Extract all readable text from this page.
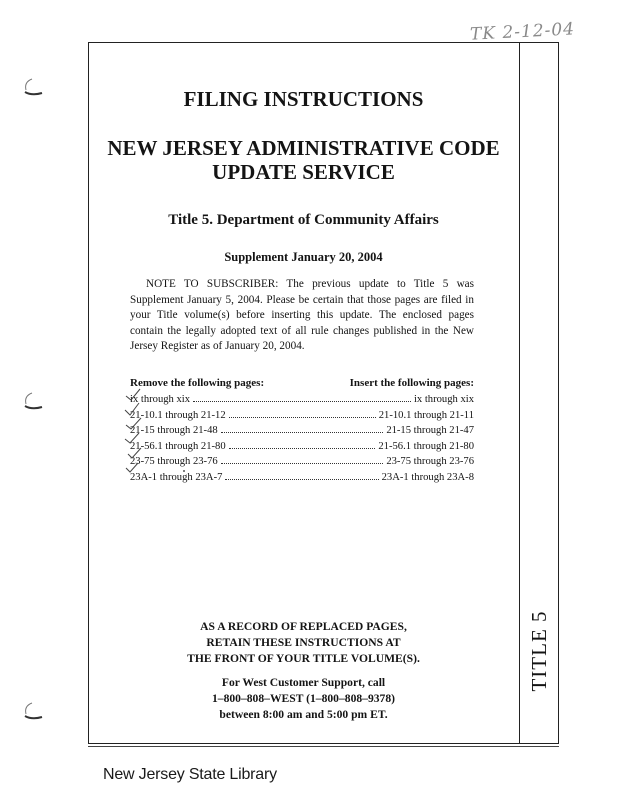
TK 2-12-04
TITLE 5
FILING INSTRUCTIONS
NEW JERSEY ADMINISTRATIVE CODE
UPDATE SERVICE
Title 5. Department of Community Affairs
Supplement January 20, 2004
NOTE TO SUBSCRIBER: The previous update to Title 5 was Supplement January 5, 2004. Please be certain that those pages are filed in your Title volume(s) before inserting this update. The enclosed pages contain the legally adopted text of all rule changes published in the New Jersey Register as of January 20, 2004.
Remove the following pages:	Insert the following pages:
ix through xix	ix through xix
21-10.1 through 21-12	21-10.1 through 21-11
21-15 through 21-48	21-15 through 21-47
21-56.1 through 21-80	21-56.1 through 21-80
23-75 through 23-76	23-75 through 23-76
23A-1 through 23A-7	23A-1 through 23A-8
AS A RECORD OF REPLACED PAGES,
RETAIN THESE INSTRUCTIONS AT
THE FRONT OF YOUR TITLE VOLUME(S).
For West Customer Support, call
1–800–808–WEST (1–800–808–9378)
between 8:00 am and 5:00 pm ET.
New Jersey State Library
